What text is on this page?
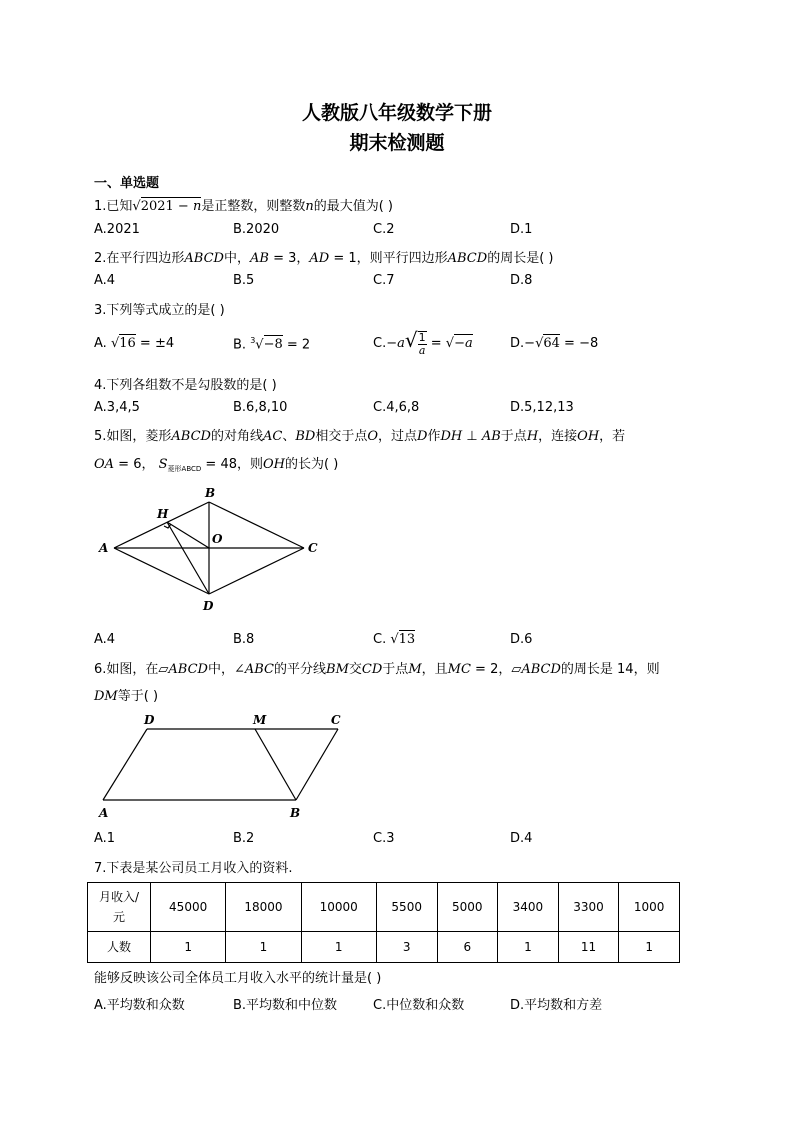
人教版八年级数学下册
期末检测题
一、单选题
1.已知√2021 − n是正整数，则整数n的最大值为( )
A.2021	B.2020	C.2	D.1
2.在平行四边形ABCD中，AB = 3，AD = 1，则平行四边形ABCD的周长是( )
A.4	B.5	C.7	D.8
3.下列等式成立的是( )
A. √16 = ±4	B. $^3$√−8 = 2	$C.-a√ \frac{1}{a} = √-a$	D.−√64 = −8
4.下列各组数不是勾股数的是( )
A.3,4,5	B.6,8,10	C.4,6,8	D.5,12,13
5.如图，菱形ABCD的对角线AC、BD相交于点O，过点D作DH ⊥ AB于点H，连接OH，若
OA = 6， $S_{菱形ABCD} = 48$，则OH的长为( )
B
H
O
A	C
D
A.4	B.8	C. √13	D.6
6.如图，在▱ABCD中，∠ABC的平分线BM交CD于点M，且MC = 2，▱ABCD的周长是 14，则
DM等于( )
D	M	C
A	B
A.1	B.2	C.3	D.4
7.下表是某公司员工月收入的资料.
月收入/
元	45000	18000	10000	5500	5000	3400	3300	1000
人数	1	1	1	3	6	1	11	1
能够反映该公司全体员工月收入水平的统计量是( )
A.平均数和众数	B.平均数和中位数	C.中位数和众数	D.平均数和方差
